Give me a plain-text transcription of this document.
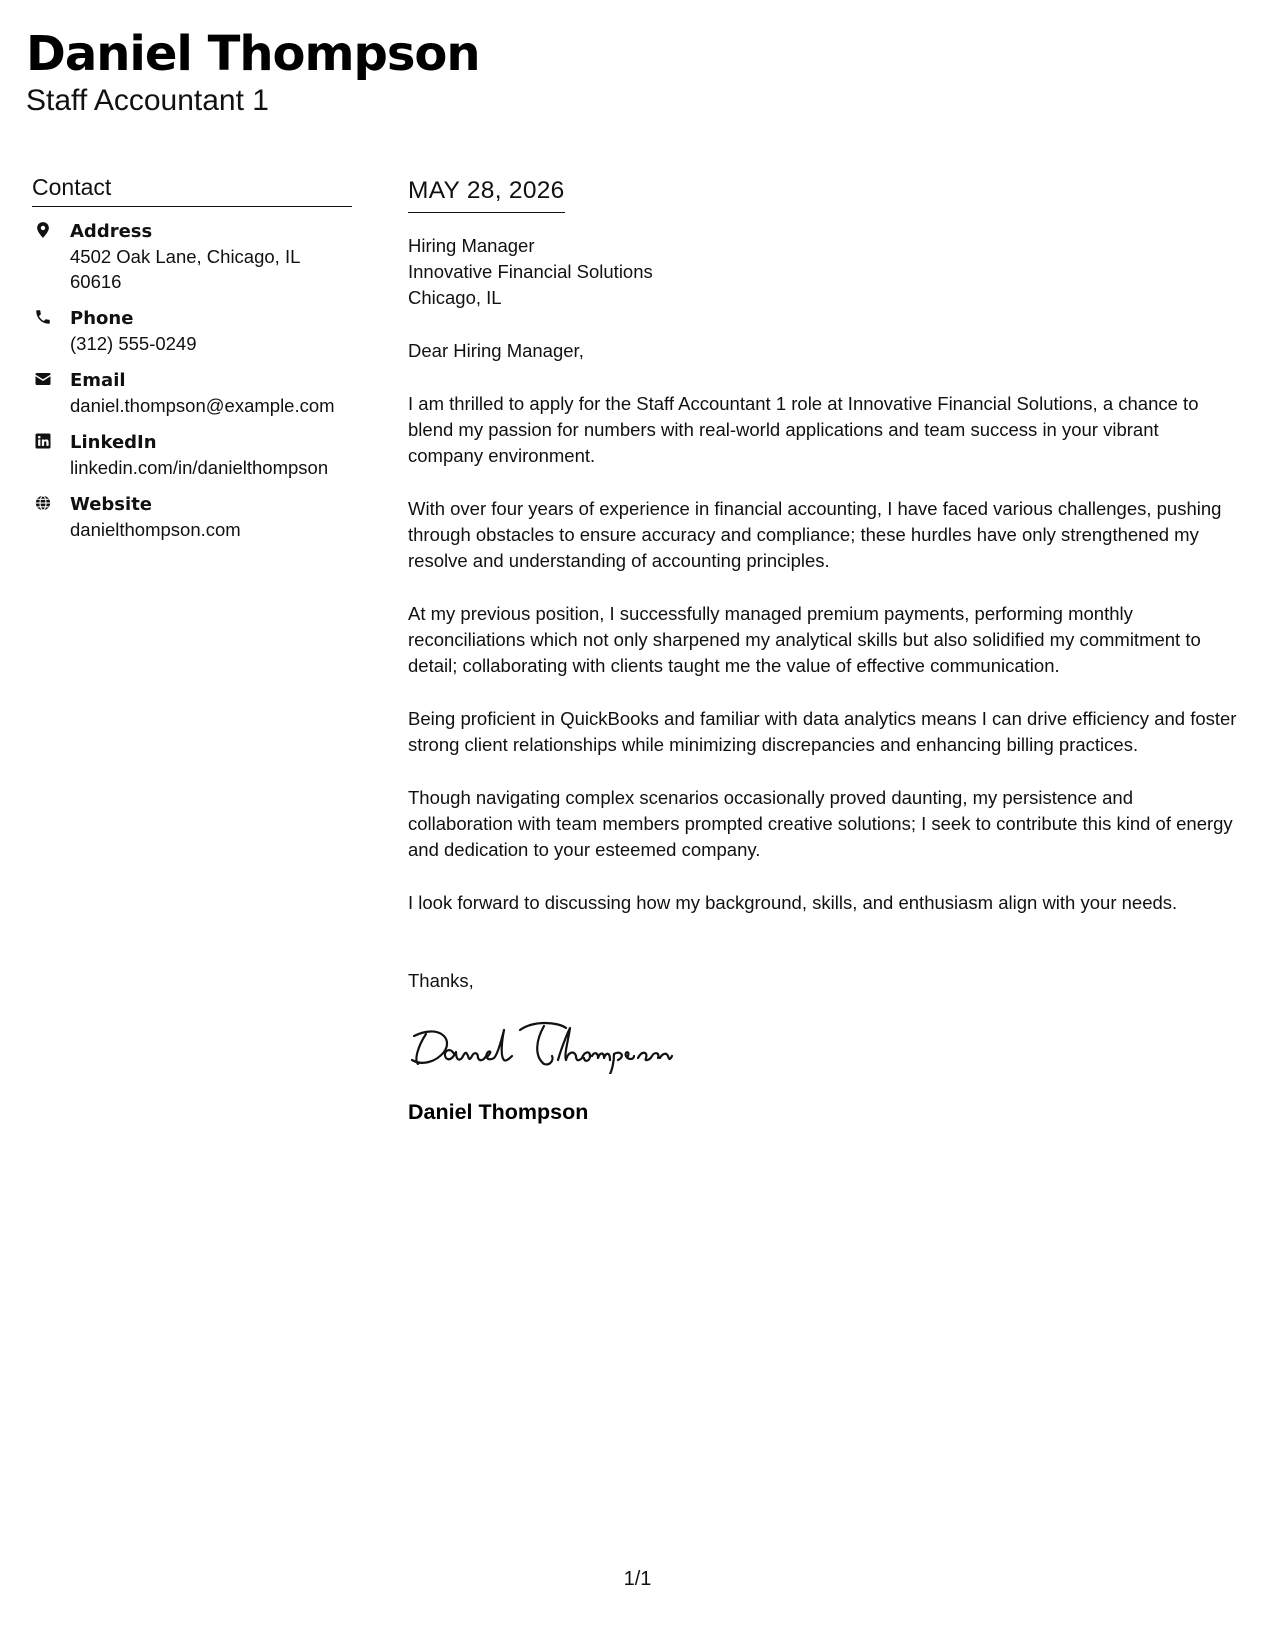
Daniel Thompson
Staff Accountant 1
Contact
Address
4502 Oak Lane, Chicago, IL
60616
Phone
(312) 555-0249
Email
daniel.thompson@example.com
LinkedIn
linkedin.com/in/danielthompson
Website
danielthompson.com
MAY 28, 2026
Hiring Manager
Innovative Financial Solutions
Chicago, IL

Dear Hiring Manager,

I am thrilled to apply for the Staff Accountant 1 role at Innovative Financial Solutions, a chance to blend my passion for numbers with real-world applications and team success in your vibrant company environment.

With over four years of experience in financial accounting, I have faced various challenges, pushing through obstacles to ensure accuracy and compliance; these hurdles have only strengthened my resolve and understanding of accounting principles.

At my previous position, I successfully managed premium payments, performing monthly reconciliations which not only sharpened my analytical skills but also solidified my commitment to detail; collaborating with clients taught me the value of effective communication.

Being proficient in QuickBooks and familiar with data analytics means I can drive efficiency and foster strong client relationships while minimizing discrepancies and enhancing billing practices.

Though navigating complex scenarios occasionally proved daunting, my persistence and collaboration with team members prompted creative solutions; I seek to contribute this kind of energy and dedication to your esteemed company.

I look forward to discussing how my background, skills, and enthusiasm align with your needs.

Thanks,
Daniel Thompson
1/1
